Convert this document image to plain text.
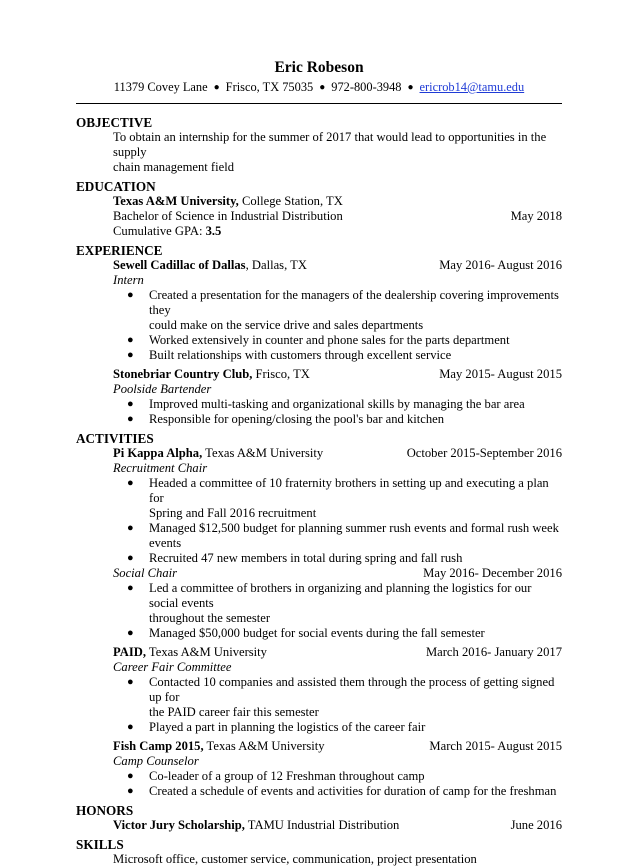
Eric Robeson
11379 Covey Lane ● Frisco, TX 75035 ● 972-800-3948 ● ericrob14@tamu.edu
OBJECTIVE
To obtain an internship for the summer of 2017 that would lead to opportunities in the supply
chain management field
EDUCATION
Texas A&M University, College Station, TX
Bachelor of Science in Industrial Distribution	May 2018
Cumulative GPA: 3.5
EXPERIENCE
Sewell Cadillac of Dallas, Dallas, TX	May 2016- August 2016
Intern
● Created a presentation for the managers of the dealership covering improvements they
could make on the service drive and sales departments
● Worked extensively in counter and phone sales for the parts department
● Built relationships with customers through excellent service
Stonebriar Country Club, Frisco, TX	May 2015- August 2015
Poolside Bartender
● Improved multi-tasking and organizational skills by managing the bar area
● Responsible for opening/closing the pool's bar and kitchen
ACTIVITIES
Pi Kappa Alpha, Texas A&M University	October 2015-September 2016
Recruitment Chair
● Headed a committee of 10 fraternity brothers in setting up and executing a plan for
Spring and Fall 2016 recruitment
● Managed $12,500 budget for planning summer rush events and formal rush week events
● Recruited 47 new members in total during spring and fall rush
Social Chair	May 2016- December 2016
● Led a committee of brothers in organizing and planning the logistics for our social events
throughout the semester
● Managed $50,000 budget for social events during the fall semester
PAID, Texas A&M University	March 2016- January 2017
Career Fair Committee
● Contacted 10 companies and assisted them through the process of getting signed up for
the PAID career fair this semester
● Played a part in planning the logistics of the career fair
Fish Camp 2015, Texas A&M University	March 2015- August 2015
Camp Counselor
● Co-leader of a group of 12 Freshman throughout camp
● Created a schedule of events and activities for duration of camp for the freshman
HONORS
Victor Jury Scholarship, TAMU Industrial Distribution	June 2016
SKILLS
Microsoft office, customer service, communication, project presentation
